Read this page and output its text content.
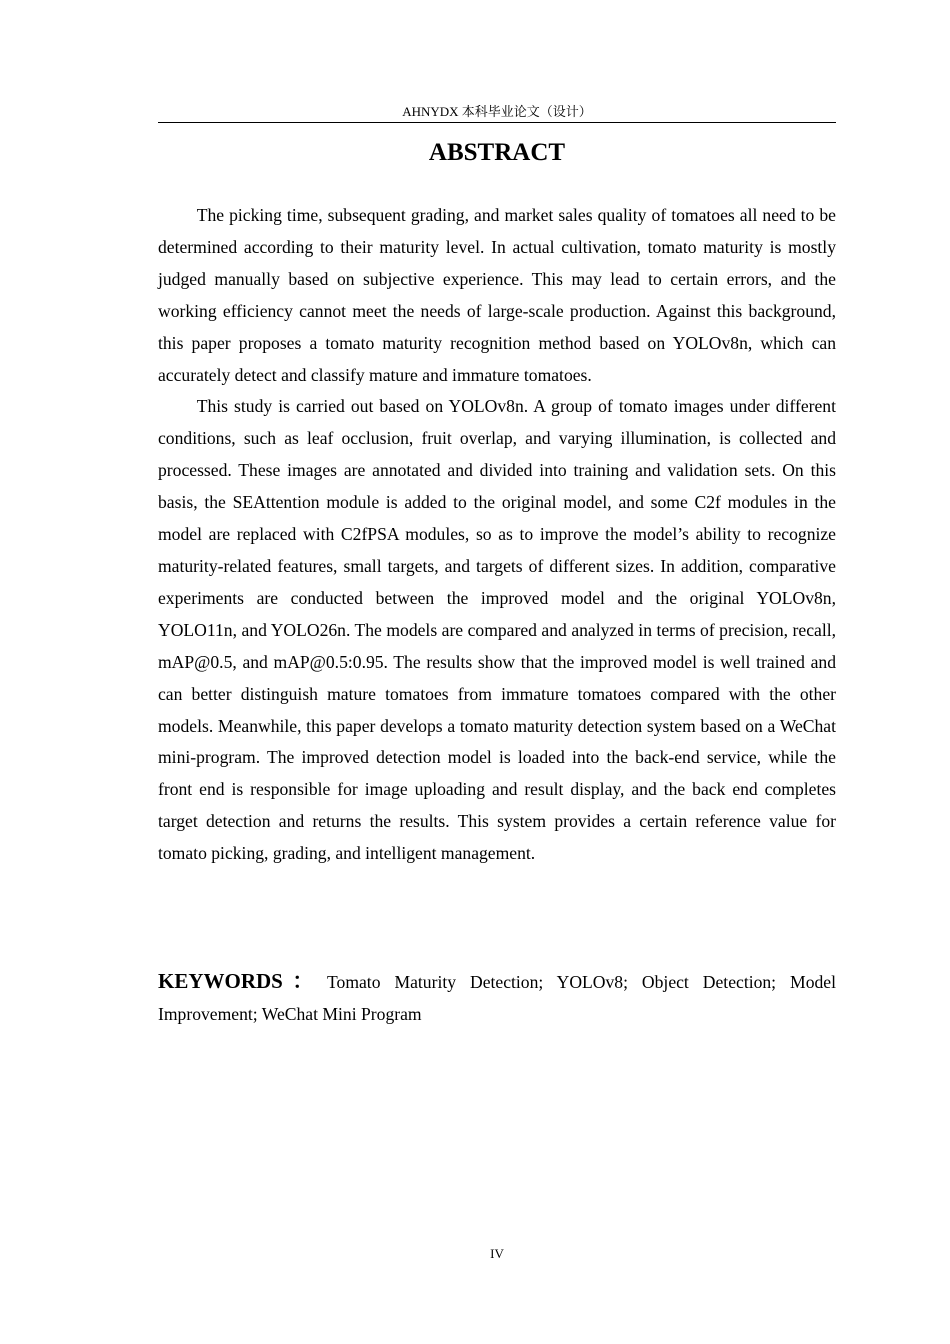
AHNYDX 本科毕业论文（设计）
ABSTRACT

The picking time, subsequent grading, and market sales quality of tomatoes all need to be determined according to their maturity level. In actual cultivation, tomato maturity is mostly judged manually based on subjective experience. This may lead to certain errors, and the working efficiency cannot meet the needs of large-scale production. Against this background, this paper proposes a tomato maturity recognition method based on YOLOv8n, which can accurately detect and classify mature and immature tomatoes.

This study is carried out based on YOLOv8n. A group of tomato images under different conditions, such as leaf occlusion, fruit overlap, and varying illumination, is collected and processed. These images are annotated and divided into training and validation sets. On this basis, the SEAttention module is added to the original model, and some C2f modules in the model are replaced with C2fPSA modules, so as to improve the model’s ability to recognize maturity-related features, small targets, and targets of different sizes. In addition, comparative experiments are conducted between the improved model and the original YOLOv8n, YOLO11n, and YOLO26n. The models are compared and analyzed in terms of precision, recall, mAP@0.5, and mAP@0.5:0.95. The results show that the improved model is well trained and can better distinguish mature tomatoes from immature tomatoes compared with the other models. Meanwhile, this paper develops a tomato maturity detection system based on a WeChat mini-program. The improved detection model is loaded into the back-end service, while the front end is responsible for image uploading and result display, and the back end completes target detection and returns the results. This system provides a certain reference value for tomato picking, grading, and intelligent management.

KEYWORDS： Tomato Maturity Detection; YOLOv8; Object Detection; Model Improvement; WeChat Mini Program

IV
